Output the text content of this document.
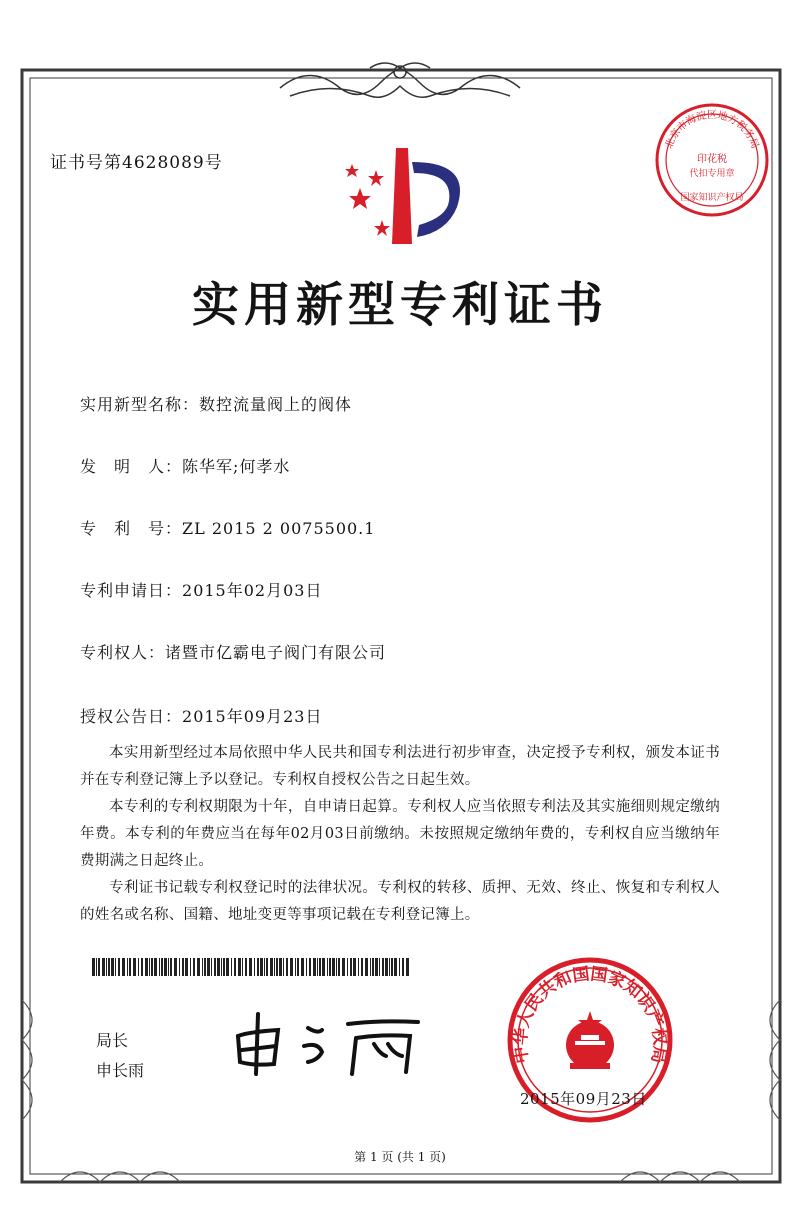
证书号第4628089号
实用新型专利证书
实用新型名称：数控流量阀上的阀体
发　明　人：陈华军;何孝水
专　利　号：ZL 2015 2 0075500.1
专利申请日：2015年02月03日
专利权人：诸暨市亿霸电子阀门有限公司
授权公告日：2015年09月23日

本实用新型经过本局依照中华人民共和国专利法进行初步审查，决定授予专利权，颁发本证书并在专利登记簿上予以登记。专利权自授权公告之日起生效。

本专利的专利权期限为十年，自申请日起算。专利权人应当依照专利法及其实施细则规定缴纳年费。本专利的年费应当在每年02月03日前缴纳。未按照规定缴纳年费的，专利权自应当缴纳年费期满之日起终止。

专利证书记载专利权登记时的法律状况。专利权的转移、质押、无效、终止、恢复和专利权人的姓名或名称、国籍、地址变更等事项记载在专利登记簿上。

局长
申长雨
北京市海淀区地方税务局
印花税
代扣专用章
国家知识产权局
中华人民共和国国家知识产权局
2015年09月23日
第 1 页 (共 1 页)
